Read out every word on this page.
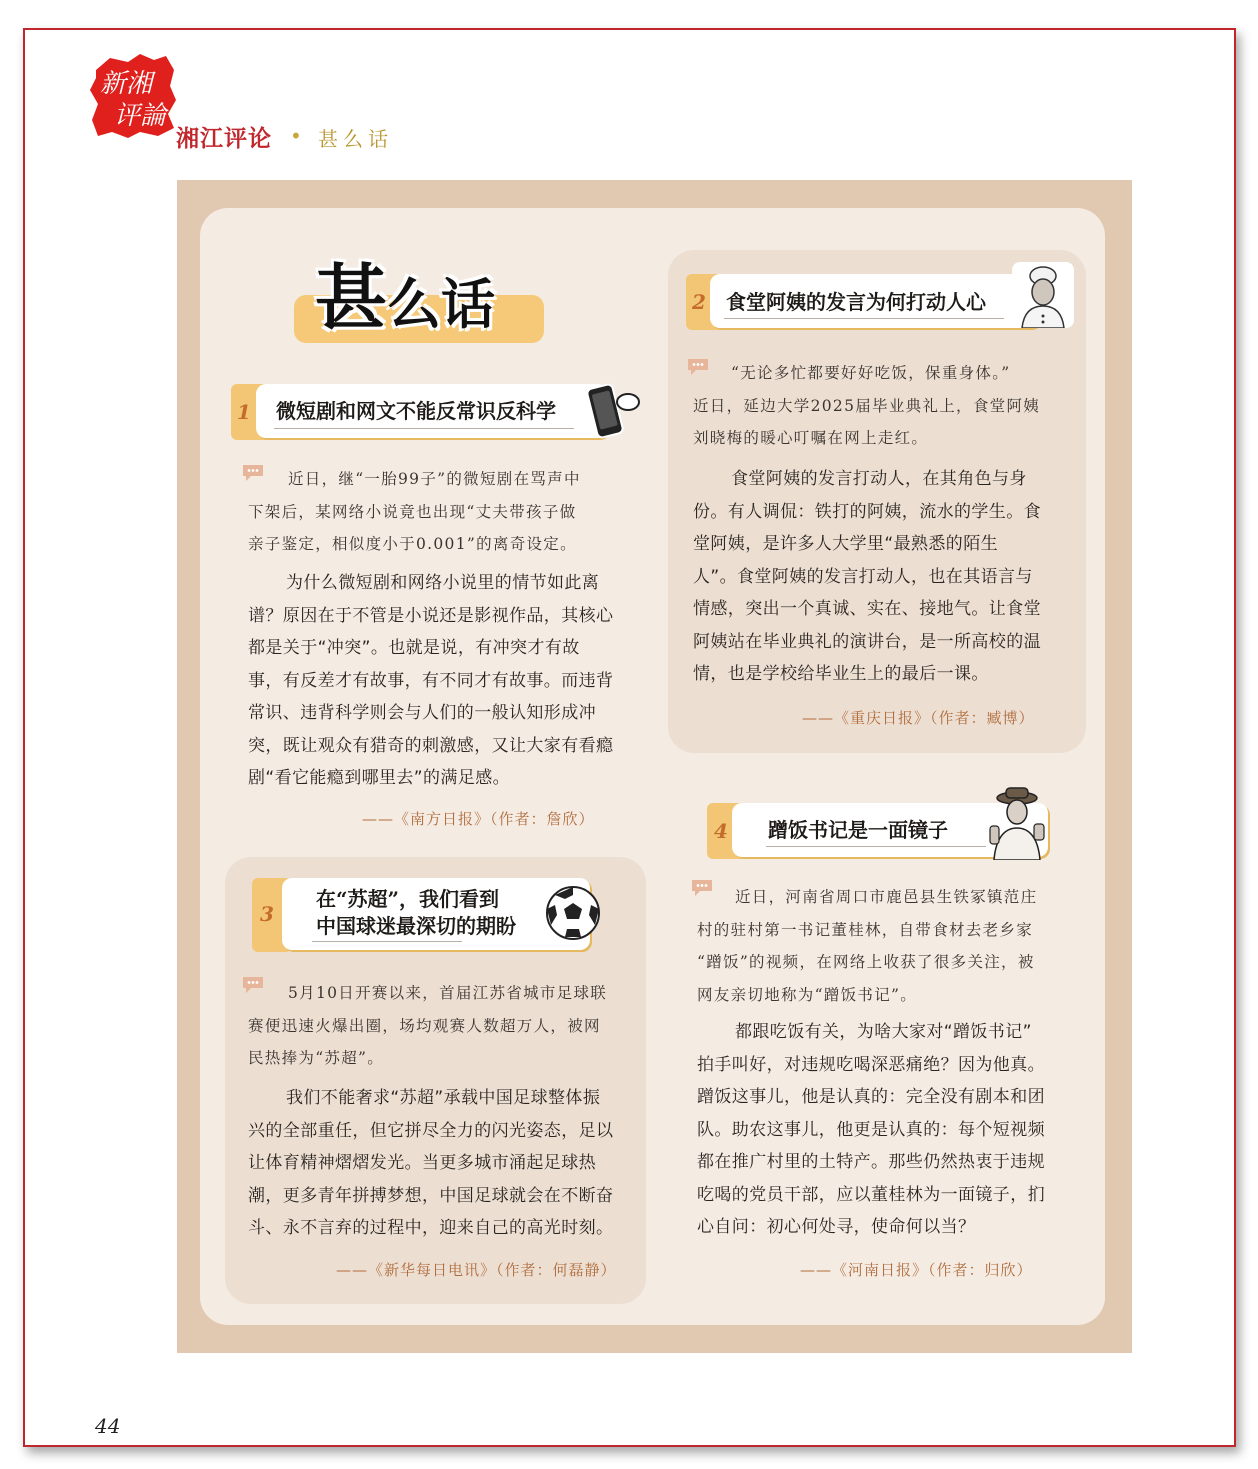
新湘
评論
湘江评论 • 甚么话
甚么话
1 微短剧和网文不能反常识反科学

近日，继“一胎99子”的微短剧在骂声中

下架后，某网络小说竟也出现“丈夫带孩子做

亲子鉴定，相似度小于0.001”的离奇设定。

为什么微短剧和网络小说里的情节如此离

谱？原因在于不管是小说还是影视作品，其核心

都是关于“冲突”。也就是说，有冲突才有故

事，有反差才有故事，有不同才有故事。而违背

常识、违背科学则会与人们的一般认知形成冲

突，既让观众有猎奇的刺激感，又让大家有看瘾

剧“看它能瘾到哪里去”的满足感。

——《南方日报》（作者：詹欣）
2 食堂阿姨的发言为何打动人心

“无论多忙都要好好吃饭，保重身体。”

近日，延边大学2025届毕业典礼上，食堂阿姨

刘晓梅的暖心叮嘱在网上走红。

食堂阿姨的发言打动人，在其角色与身

份。有人调侃：铁打的阿姨，流水的学生。食

堂阿姨，是许多人大学里“最熟悉的陌生

人”。食堂阿姨的发言打动人，也在其语言与

情感，突出一个真诚、实在、接地气。让食堂

阿姨站在毕业典礼的演讲台，是一所高校的温

情，也是学校给毕业生上的最后一课。

——《重庆日报》（作者：臧博）
3
在“苏超”，我们看到
中国球迷最深切的期盼

5月10日开赛以来，首届江苏省城市足球联

赛便迅速火爆出圈，场均观赛人数超万人，被网

民热捧为“苏超”。

我们不能奢求“苏超”承载中国足球整体振

兴的全部重任，但它拼尽全力的闪光姿态，足以

让体育精神熠熠发光。当更多城市涌起足球热

潮，更多青年拼搏梦想，中国足球就会在不断奋

斗、永不言弃的过程中，迎来自己的高光时刻。

——《新华每日电讯》（作者：何磊静）
4 蹭饭书记是一面镜子

近日，河南省周口市鹿邑县生铁冢镇范庄

村的驻村第一书记董桂林，自带食材去老乡家

“蹭饭”的视频，在网络上收获了很多关注，被

网友亲切地称为“蹭饭书记”。

都跟吃饭有关，为啥大家对“蹭饭书记”

拍手叫好，对违规吃喝深恶痛绝？因为他真。

蹭饭这事儿，他是认真的：完全没有剧本和团

队。助农这事儿，他更是认真的：每个短视频

都在推广村里的土特产。那些仍然热衷于违规

吃喝的党员干部，应以董桂林为一面镜子，扪

心自问：初心何处寻，使命何以当？

——《河南日报》（作者：归欣）
44
